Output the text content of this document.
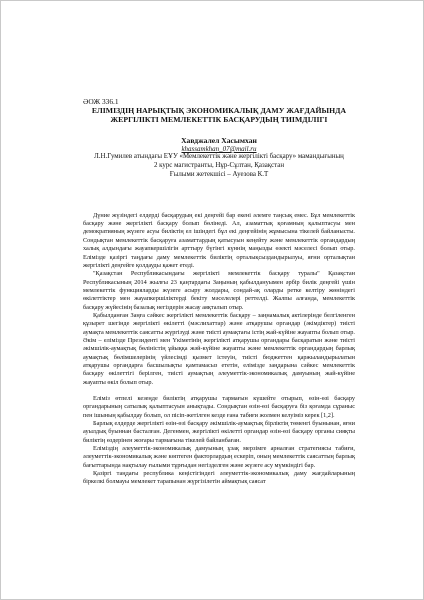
ӘОЖ 336.1
ЕЛІМІЗДІҢ НАРЫҚТЫҚ ЭКОНОМИКАЛЫҚ ДАМУ ЖАҒДАЙЫНДА
ЖЕРГІЛІКТІ МЕМЛЕКЕТТІК БАСҚАРУДЫҢ ТИІМДІЛІГІ
Хавджалел Хасымхан
khassamkhan_07@mail.ru
Л.Н.Гумилев атындағы ЕҰУ «Мемлекеттік және жергілікті басқару» мамандығының
2 курс магистранты, Нұр-Сұлтан, Қазақстан
Ғылыми жетекшісі – Ауезова К.Т

Дүние жүзіндегі елдерді басқарудың екі деңгейі бар екені әлемге таңсық емес. Бұл мемлекеттік басқару және жергілікті басқару болып бөлінеді. Ал, азаматтық қоғамның қалыптасуы мен демократияның жүзеге асуы биліктің ел ішіндегі бұл екі деңгейінің жұмысына тікелей байланысты. Сондықтан мемлекеттік басқаруға азаматтардың қатысуын кеңейту және мемлекеттік органдардың халық алдындағы жауапкершілігін арттыру бүгінгі күннің маңызды өзекті мәселесі болып отыр. Елімізде қазіргі таңдағы даму мемлекеттік биліктің орталықсыздандырылуы, яғни орталықтан жергілікті деңгейге қолдауды қажет етеді.

"Қазақстан Республикасындағы жергілікті мемлекеттік басқару туралы" Қазақстан Республикасының 2014 жылғы 23 қаңтардағы Заңының қабылдануымен әрбір билік деңгейі үшін мемлекеттік функцияларды жүзеге асыру жолдары, сондай-ақ оларды ретке келтіру жөніндегі өкілеттіктер мен жауапкершіліктерді бекіту мәселелері реттелді. Жалпы алғанда, мемлекеттік басқару жүйесінің базалық негіздерін жасау аяқталып отыр.

Қабылданған Заңға сәйкес жергілікті мемлекеттік басқару – заңнамалық актілерінде белгіленген құзырет шегінде жергілікті өкілетті (мәслихаттар) және атқарушы органдар (әкімдіктер) тиісті аумақта мемлекеттік саясатты жүргізуді және тиісті аумақтағы істің жай-күйіне жауапты болып отыр. Әкім – елімізде Президенті мен Үкіметінің жергілікті атқарушы органдары басқаратын және тиісті әкімшілік-аумақтық бөліністің ұйыққа жәй-күйіне жауапты және мемлекеттік органдардың барлық аумақтық бөлімшелерінің үйлесімді қызмет істеуін, тиісті бюджеттен қаржыландырылатын атқарушы органдарға басшылықты қамтамасыз ететін, елімізде заңдарына сәйкес мемлекеттік басқару өкілеттігі берілген, тиісті аумақтың әлеуметтік-экономикалық дамуының жай-күйіне жауапты өкіл болып отыр.

Еліміз өтпелі кезеңде биліктің атқарушы тармағын күшейте отырып, өзін-өзі басқару органдарының сатылық қалыптасуын анықтады. Сондықтан өзін-өзі басқаруға біз қоғамда сұраныс пен ішының қабылдау болып, ол пісіп-жетілген кезде ғана табиғи жолмен келуіміз керек [1,2].

Барлық елдерде жергілікті өзін-өзі басқару әкімшілік-аумақтық бірліктің төменгі буынынан, яғни ауылдық буыннан басталған. Дегенмен, жергілікті өкілетті органдар өзін-өзі басқару органы сияқты биліктің өздерінен жоғары тармағына тікелей байланбаған.

Еліміздің әлеуметтік-экономикалық дамуының ұзақ мерзімге арналған стратегиясы табиғи, әлеуметтік-экономикалық және көптеген факторлардың ескеріп, оның мемлекеттік саясаттың барлық бағыттарында нақтылау ғылыми тұрғыдан негізделген және жүзеге асу мүмкіндігі бар.

Қазіргі таңдағы республика кеңістігіндегі әлеуметтік-экономикалық даму жағдайларының біркелкі болмауы мемлекет тарапынан жүргізілетін аймақтық саясат
